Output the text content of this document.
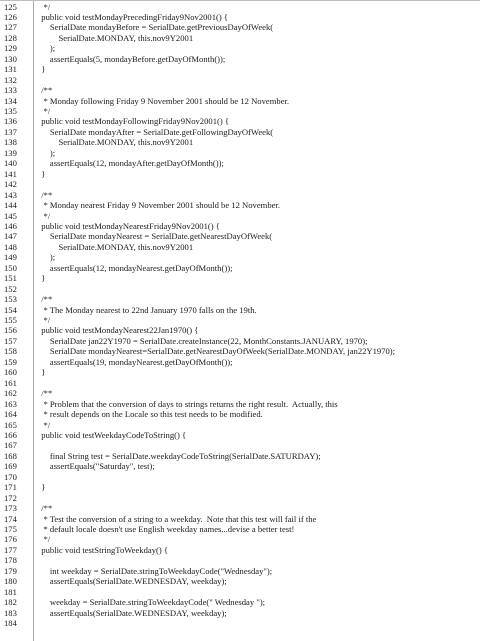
125	*/
126	public void testMondayPrecedingFriday9Nov2001() {
127	SerialDate mondayBefore = SerialDate.getPreviousDayOfWeek(
128	SerialDate.MONDAY, this.nov9Y2001
129	);
130	assertEquals(5, mondayBefore.getDayOfMonth());
131	}
132
133	/**
134	* Monday following Friday 9 November 2001 should be 12 November.
135	*/
136	public void testMondayFollowingFriday9Nov2001() {
137	SerialDate mondayAfter = SerialDate.getFollowingDayOfWeek(
138	SerialDate.MONDAY, this.nov9Y2001
139	);
140	assertEquals(12, mondayAfter.getDayOfMonth());
141	}
142
143	/**
144	* Monday nearest Friday 9 November 2001 should be 12 November.
145	*/
146	public void testMondayNearestFriday9Nov2001() {
147	SerialDate mondayNearest = SerialDate.getNearestDayOfWeek(
148	SerialDate.MONDAY, this.nov9Y2001
149	);
150	assertEquals(12, mondayNearest.getDayOfMonth());
151	}
152
153	/**
154	* The Monday nearest to 22nd January 1970 falls on the 19th.
155	*/
156	public void testMondayNearest22Jan1970() {
157	SerialDate jan22Y1970 = SerialDate.createInstance(22, MonthConstants.JANUARY, 1970);
158	SerialDate mondayNearest=SerialDate.getNearestDayOfWeek(SerialDate.MONDAY, jan22Y1970);
159	assertEquals(19, mondayNearest.getDayOfMonth());
160	}
161
162	/**
163	* Problem that the conversion of days to strings returns the right result.  Actually, this
164	* result depends on the Locale so this test needs to be modified.
165	*/
166	public void testWeekdayCodeToString() {
167
168	final String test = SerialDate.weekdayCodeToString(SerialDate.SATURDAY);
169	assertEquals("Saturday", test);
170
171	}
172
173	/**
174	* Test the conversion of a string to a weekday.  Note that this test will fail if the
175	* default locale doesn't use English weekday names...devise a better test!
176	*/
177	public void testStringToWeekday() {
178
179	int weekday = SerialDate.stringToWeekdayCode("Wednesday");
180	assertEquals(SerialDate.WEDNESDAY, weekday);
181
182	weekday = SerialDate.stringToWeekdayCode(" Wednesday ");
183	assertEquals(SerialDate.WEDNESDAY, weekday);
184
